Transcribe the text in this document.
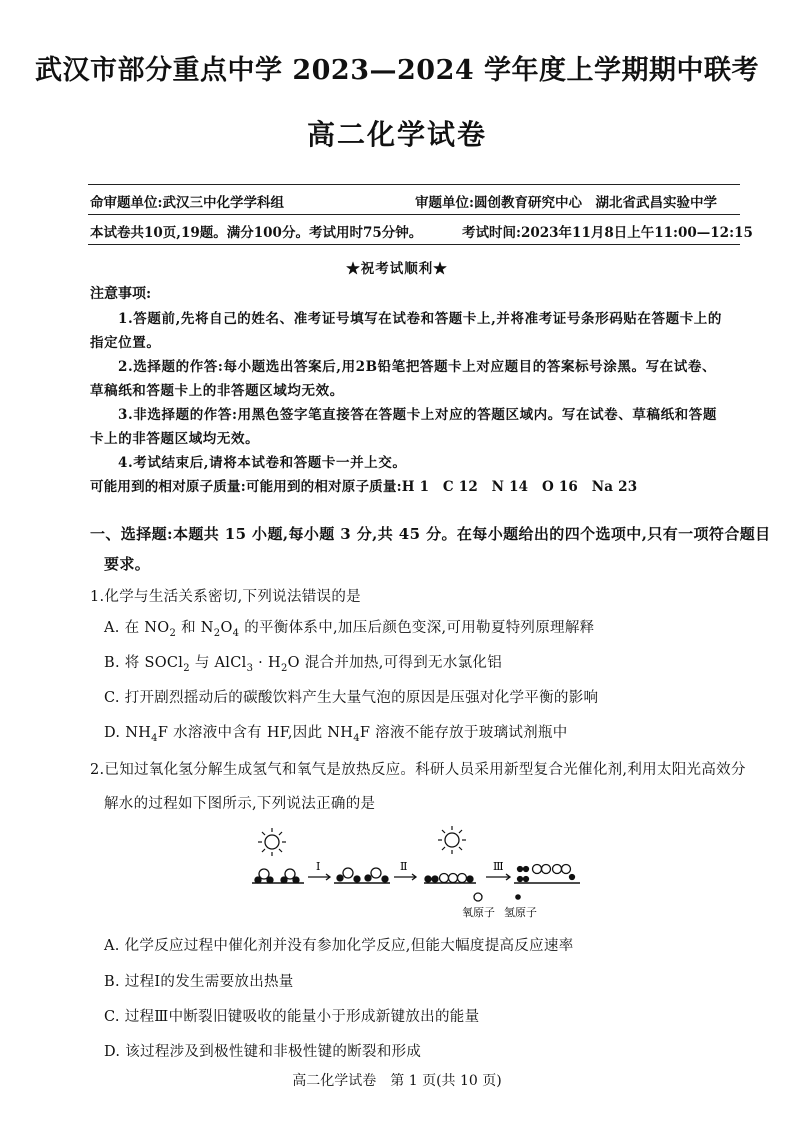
武汉市部分重点中学 2023—2024 学年度上学期期中联考
高二化学试卷
命审题单位:武汉三中化学学科组	审题单位:圆创教育研究中心　湖北省武昌实验中学
本试卷共10页,19题。满分100分。考试用时75分钟。	考试时间:2023年11月8日上午11:00—12:15
★祝考试顺利★
注意事项:
1.答题前,先将自己的姓名、准考证号填写在试卷和答题卡上,并将准考证号条形码贴在答题卡上的
指定位置。
2.选择题的作答:每小题选出答案后,用2B铅笔把答题卡上对应题目的答案标号涂黑。写在试卷、
草稿纸和答题卡上的非答题区域均无效。
3.非选择题的作答:用黑色签字笔直接答在答题卡上对应的答题区域内。写在试卷、草稿纸和答题
卡上的非答题区域均无效。
4.考试结束后,请将本试卷和答题卡一并上交。
可能用到的相对原子质量:可能用到的相对原子质量:H 1　C 12　N 14　O 16　Na 23
一、选择题:本题共 15 小题,每小题 3 分,共 45 分。在每小题给出的四个选项中,只有一项符合题目
要求。
1.化学与生活关系密切,下列说法错误的是
A. 在 $NO_2$ 和 $N_2O_4$ 的平衡体系中,加压后颜色变深,可用勒夏特列原理解释
B. 将 SOCl$_2$ 与 AlCl$_3$ · $H_2O$ 混合并加热,可得到无水氯化铝
C. 打开剧烈摇动后的碳酸饮料产生大量气泡的原因是压强对化学平衡的影响
D. $NH_4F$ 水溶液中含有 HF,因此 $NH_4F$ 溶液不能存放于玻璃试剂瓶中
2.已知过氧化氢分解生成氢气和氧气是放热反应。科研人员采用新型复合光催化剂,利用太阳光高效分
解水的过程如下图所示,下列说法正确的是
Ⅰ	Ⅱ	Ⅲ
氧原子 氢原子
A. 化学反应过程中催化剂并没有参加化学反应,但能大幅度提高反应速率
B. 过程Ⅰ的发生需要放出热量
C. 过程Ⅲ中断裂旧键吸收的能量小于形成新键放出的能量
D. 该过程涉及到极性键和非极性键的断裂和形成
高二化学试卷　第 1 页(共 10 页)
